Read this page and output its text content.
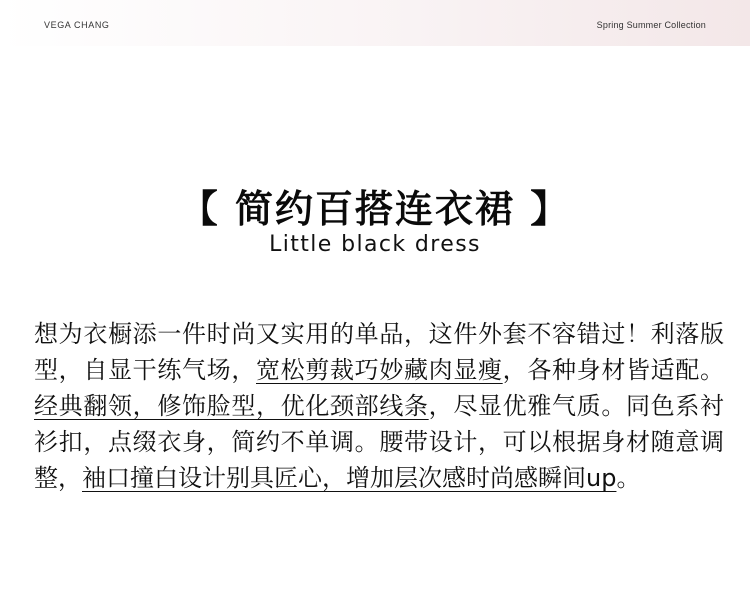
VEGA CHANG	Spring Summer Collection
【 简约百搭连衣裙 】
Little black dress
想为衣橱添一件时尚又实用的单品，这件外套不容错过！利落版型，自显干练气场，宽松剪裁巧妙藏肉显瘦，各种身材皆适配。经典翻领，修饰脸型，优化颈部线条，尽显优雅气质。同色系衬衫扣，点缀衣身，简约不单调。腰带设计，可以根据身材随意调整，袖口撞白设计别具匠心，增加层次感时尚感瞬间up。
